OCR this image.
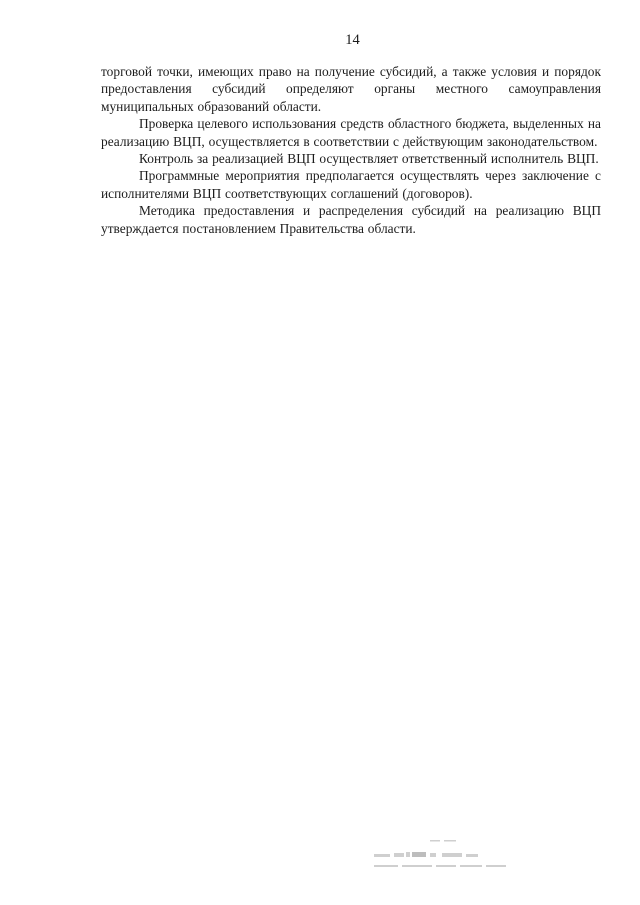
14

торговой точки, имеющих право на получение субсидий, а также условия и порядок предоставления субсидий определяют органы местного самоуправления муниципальных образований области.

Проверка целевого использования средств областного бюджета, выделенных на реализацию ВЦП, осуществляется в соответствии с действующим законодательством.

Контроль за реализацией ВЦП осуществляет ответственный исполнитель ВЦП.

Программные мероприятия предполагается осуществлять через заключение с исполнителями ВЦП соответствующих соглашений (договоров).

Методика предоставления и распределения субсидий на реализацию ВЦП утверждается постановлением Правительства области.
